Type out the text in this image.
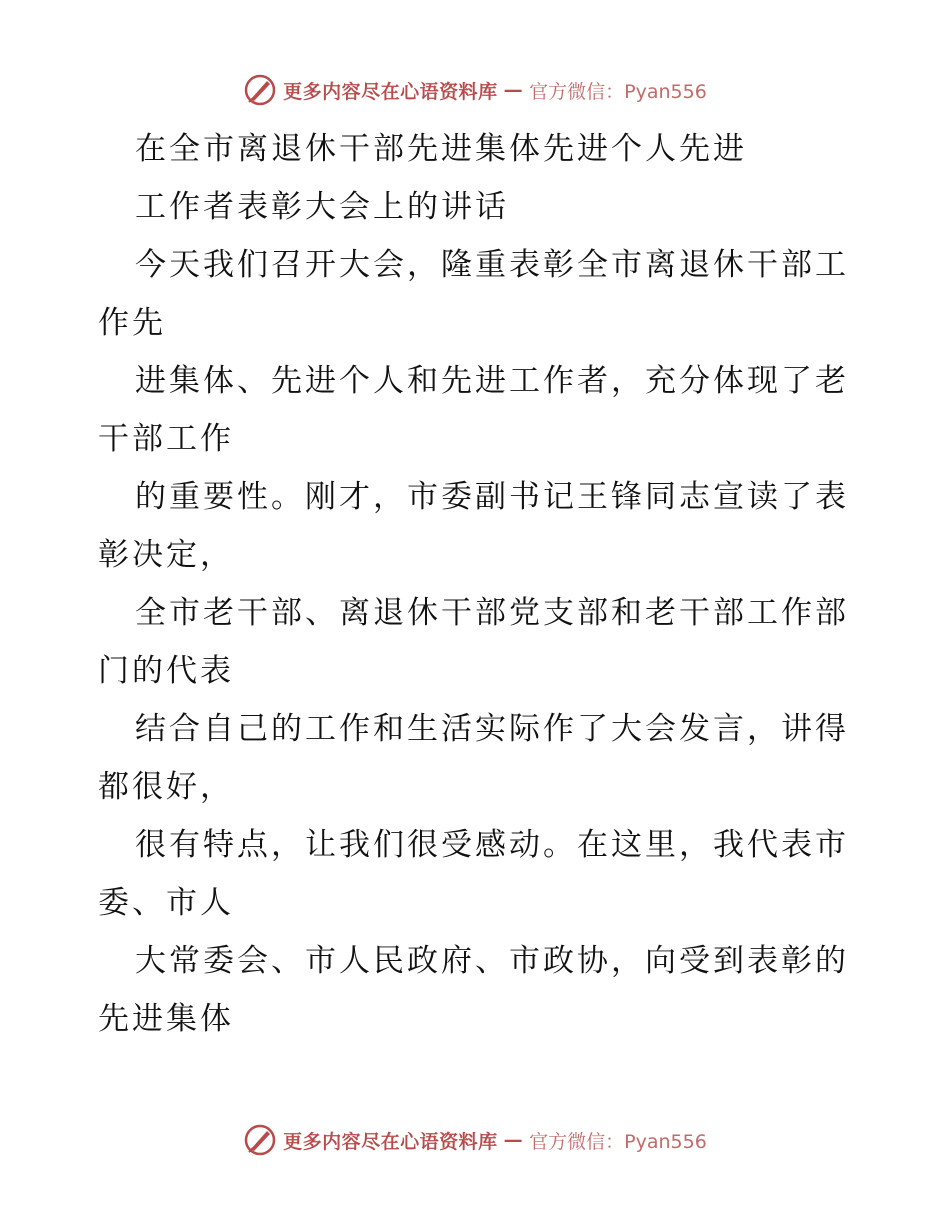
更多内容尽在心语资料库 — 官方微信：Pyan556

在全市离退休干部先进集体先进个人先进

工作者表彰大会上的讲话

今天我们召开大会，隆重表彰全市离退休干部工

作先

进集体、先进个人和先进工作者，充分体现了老

干部工作

的重要性。刚才，市委副书记王锋同志宣读了表

彰决定，

全市老干部、离退休干部党支部和老干部工作部

门的代表

结合自己的工作和生活实际作了大会发言，讲得

都很好，

很有特点，让我们很受感动。在这里，我代表市

委、市人

大常委会、市人民政府、市政协，向受到表彰的

先进集体

更多内容尽在心语资料库 — 官方微信：Pyan556
